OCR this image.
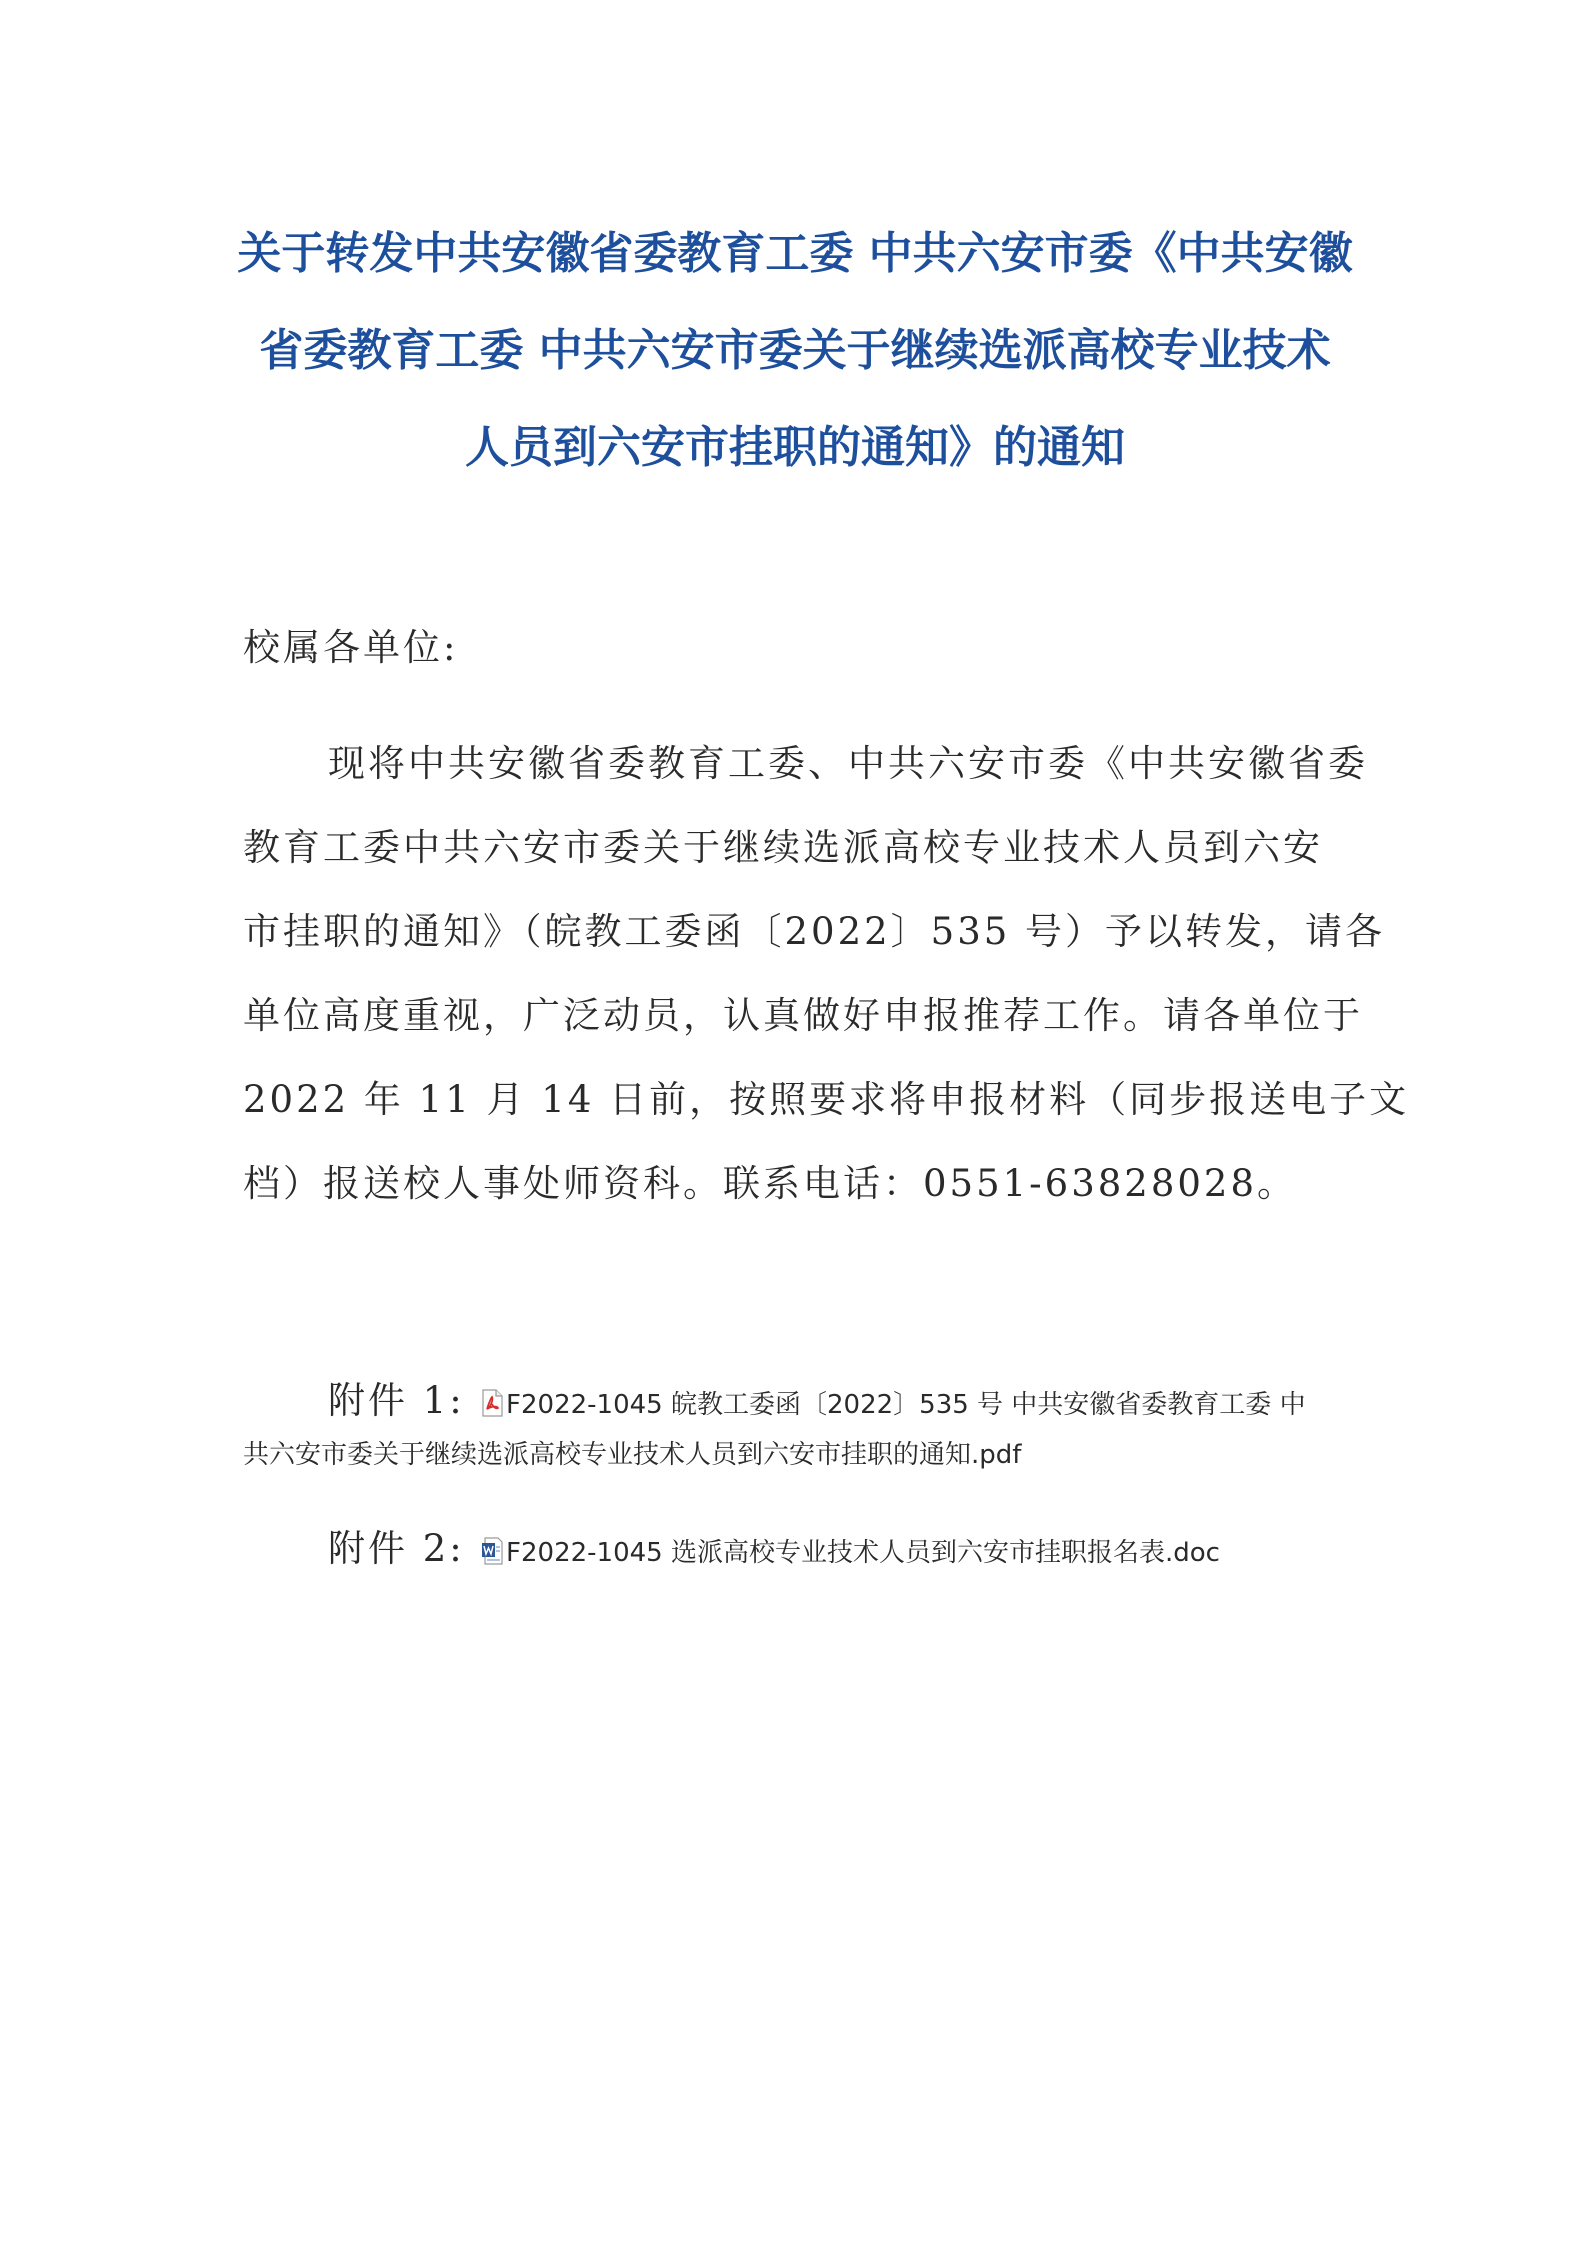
关于转发中共安徽省委教育工委 中共六安市委《中共安徽
省委教育工委 中共六安市委关于继续选派高校专业技术
人员到六安市挂职的通知》的通知
校属各单位:
现将中共安徽省委教育工委、中共六安市委《中共安徽省委
教育工委中共六安市委关于继续选派高校专业技术人员到六安
市挂职的通知》（皖教工委函〔2022〕535 号）予以转发，请各
单位高度重视，广泛动员，认真做好申报推荐工作。请各单位于
2022 年 11 月 14 日前，按照要求将申报材料（同步报送电子文
档）报送校人事处师资科。联系电话：0551-63828028。
附件 1: F2022-1045 皖教工委函〔2022〕535 号 中共安徽省委教育工委 中
共六安市委关于继续选派高校专业技术人员到六安市挂职的通知.pdf
附件 2: F2022-1045 选派高校专业技术人员到六安市挂职报名表.doc
